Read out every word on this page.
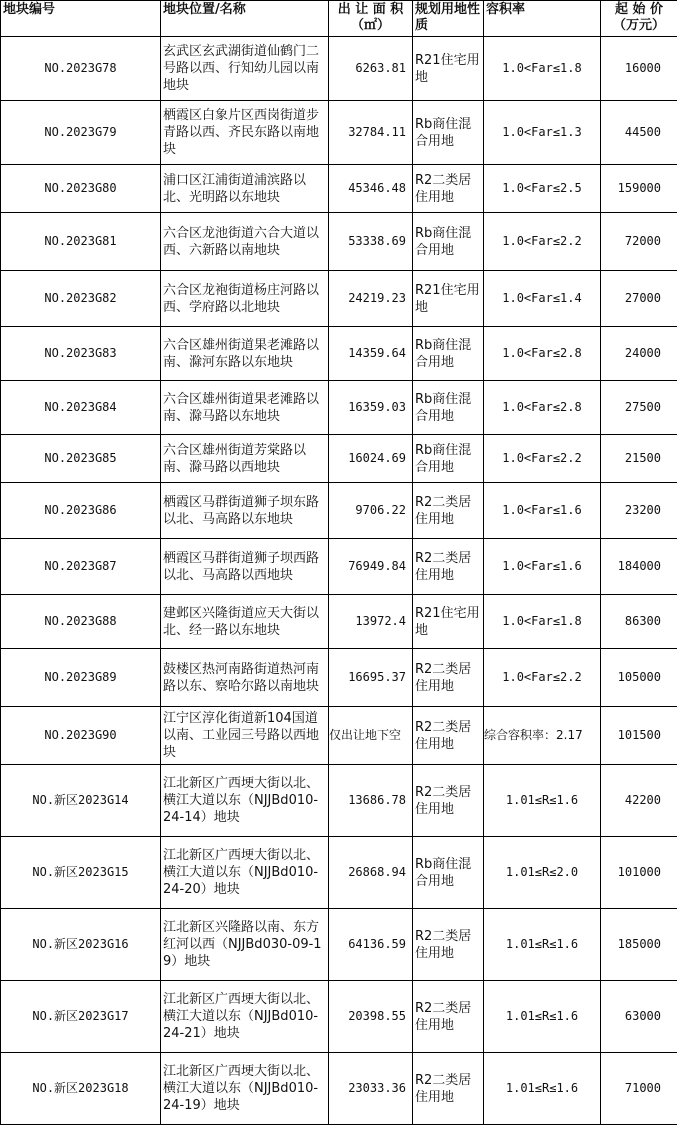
地块编号	地块位置/名称	出 让 面 积（㎡）	规划用地性质	容积率	起 始 价（万元）
NO.2023G78	玄武区玄武湖街道仙鹤门二号路以西、行知幼儿园以南地块	6263.81	R21住宅用地	1.0<Far≤1.8	16000
NO.2023G79	栖霞区白象片区西岗街道步青路以西、齐民东路以南地块	32784.11	Rb商住混合用地	1.0<Far≤1.3	44500
NO.2023G80	浦口区江浦街道浦滨路以北、光明路以东地块	45346.48	R2二类居住用地	1.0<Far≤2.5	159000
NO.2023G81	六合区龙池街道六合大道以西、六新路以南地块	53338.69	Rb商住混合用地	1.0<Far≤2.2	72000
NO.2023G82	六合区龙袍街道杨庄河路以西、学府路以北地块	24219.23	R21住宅用地	1.0<Far≤1.4	27000
NO.2023G83	六合区雄州街道果老滩路以南、滁河东路以东地块	14359.64	Rb商住混合用地	1.0<Far≤2.8	24000
NO.2023G84	六合区雄州街道果老滩路以南、滁马路以东地块	16359.03	Rb商住混合用地	1.0<Far≤2.8	27500
NO.2023G85	六合区雄州街道芳棠路以南、滁马路以西地块	16024.69	Rb商住混合用地	1.0<Far≤2.2	21500
NO.2023G86	栖霞区马群街道狮子坝东路以北、马高路以东地块	9706.22	R2二类居住用地	1.0<Far≤1.6	23200
NO.2023G87	栖霞区马群街道狮子坝西路以北、马高路以西地块	76949.84	R2二类居住用地	1.0<Far≤1.6	184000
NO.2023G88	建邺区兴隆街道应天大街以北、经一路以东地块	13972.4	R21住宅用地	1.0<Far≤1.8	86300
NO.2023G89	鼓楼区热河南路街道热河南路以东、察哈尔路以南地块	16695.37	R2二类居住用地	1.0<Far≤2.2	105000
NO.2023G90	江宁区淳化街道新104国道以南、工业园三号路以西地块	仅出让地下空	R2二类居住用地	综合容积率：2.17	101500
NO.新区2023G14	江北新区广西埂大街以北、横江大道以东（NJJBd010-24-14）地块	13686.78	R2二类居住用地	1.01≤R≤1.6	42200
NO.新区2023G15	江北新区广西埂大街以北、横江大道以东（NJJBd010-24-20）地块	26868.94	Rb商住混合用地	1.01≤R≤2.0	101000
NO.新区2023G16	江北新区兴隆路以南、东方红河以西（NJJBd030-09-19）地块	64136.59	R2二类居住用地	1.01≤R≤1.6	185000
NO.新区2023G17	江北新区广西埂大街以北、横江大道以东（NJJBd010-24-21）地块	20398.55	R2二类居住用地	1.01≤R≤1.6	63000
NO.新区2023G18	江北新区广西埂大街以北、横江大道以东（NJJBd010-24-19）地块	23033.36	R2二类居住用地	1.01≤R≤1.6	71000
